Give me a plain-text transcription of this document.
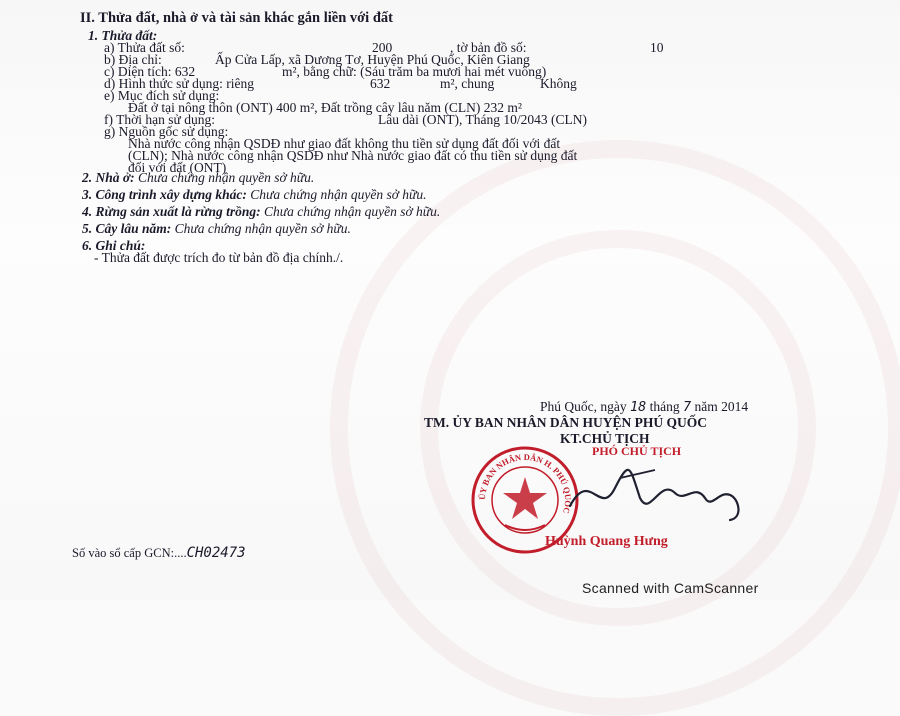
II. Thửa đất, nhà ở và tài sản khác gắn liền với đất
1. Thửa đất:
a) Thửa đất số:	200	, tờ bản đồ số:	10
b) Địa chỉ:	Ấp Cửa Lấp, xã Dương Tơ, Huyện Phú Quốc, Kiên Giang
c) Diện tích: 632	m², bằng chữ: (Sáu trăm ba mươi hai mét vuông)
d) Hình thức sử dụng: riêng	632	m², chung	Không
e) Mục đích sử dụng:
Đất ở tại nông thôn (ONT) 400 m², Đất trồng cây lâu năm (CLN) 232 m²
f) Thời hạn sử dụng:	Lâu dài (ONT), Tháng 10/2043 (CLN)
g) Nguồn gốc sử dụng:
Nhà nước công nhận QSDĐ như giao đất không thu tiền sử dụng đất đối với đất
(CLN); Nhà nước công nhận QSDĐ như Nhà nước giao đất có thu tiền sử dụng đất
đối với đất (ONT)
2. Nhà ở: Chưa chứng nhận quyền sở hữu.
3. Công trình xây dựng khác: Chưa chứng nhận quyền sở hữu.
4. Rừng sản xuất là rừng trồng: Chưa chứng nhận quyền sở hữu.
5. Cây lâu năm: Chưa chứng nhận quyền sở hữu.
6. Ghi chú:
- Thửa đất được trích đo từ bản đồ địa chính./.
Phú Quốc, ngày 18 tháng 7 năm 2014
TM. ỦY BAN NHÂN DÂN HUYỆN PHÚ QUỐC
KT.CHỦ TỊCH
PHÓ CHỦ TỊCH
ỦY BAN NHÂN DÂN H. PHÚ QUỐC
Huỳnh Quang Hưng
Số vào sổ cấp GCN:....CH02473
Scanned with CamScanner
